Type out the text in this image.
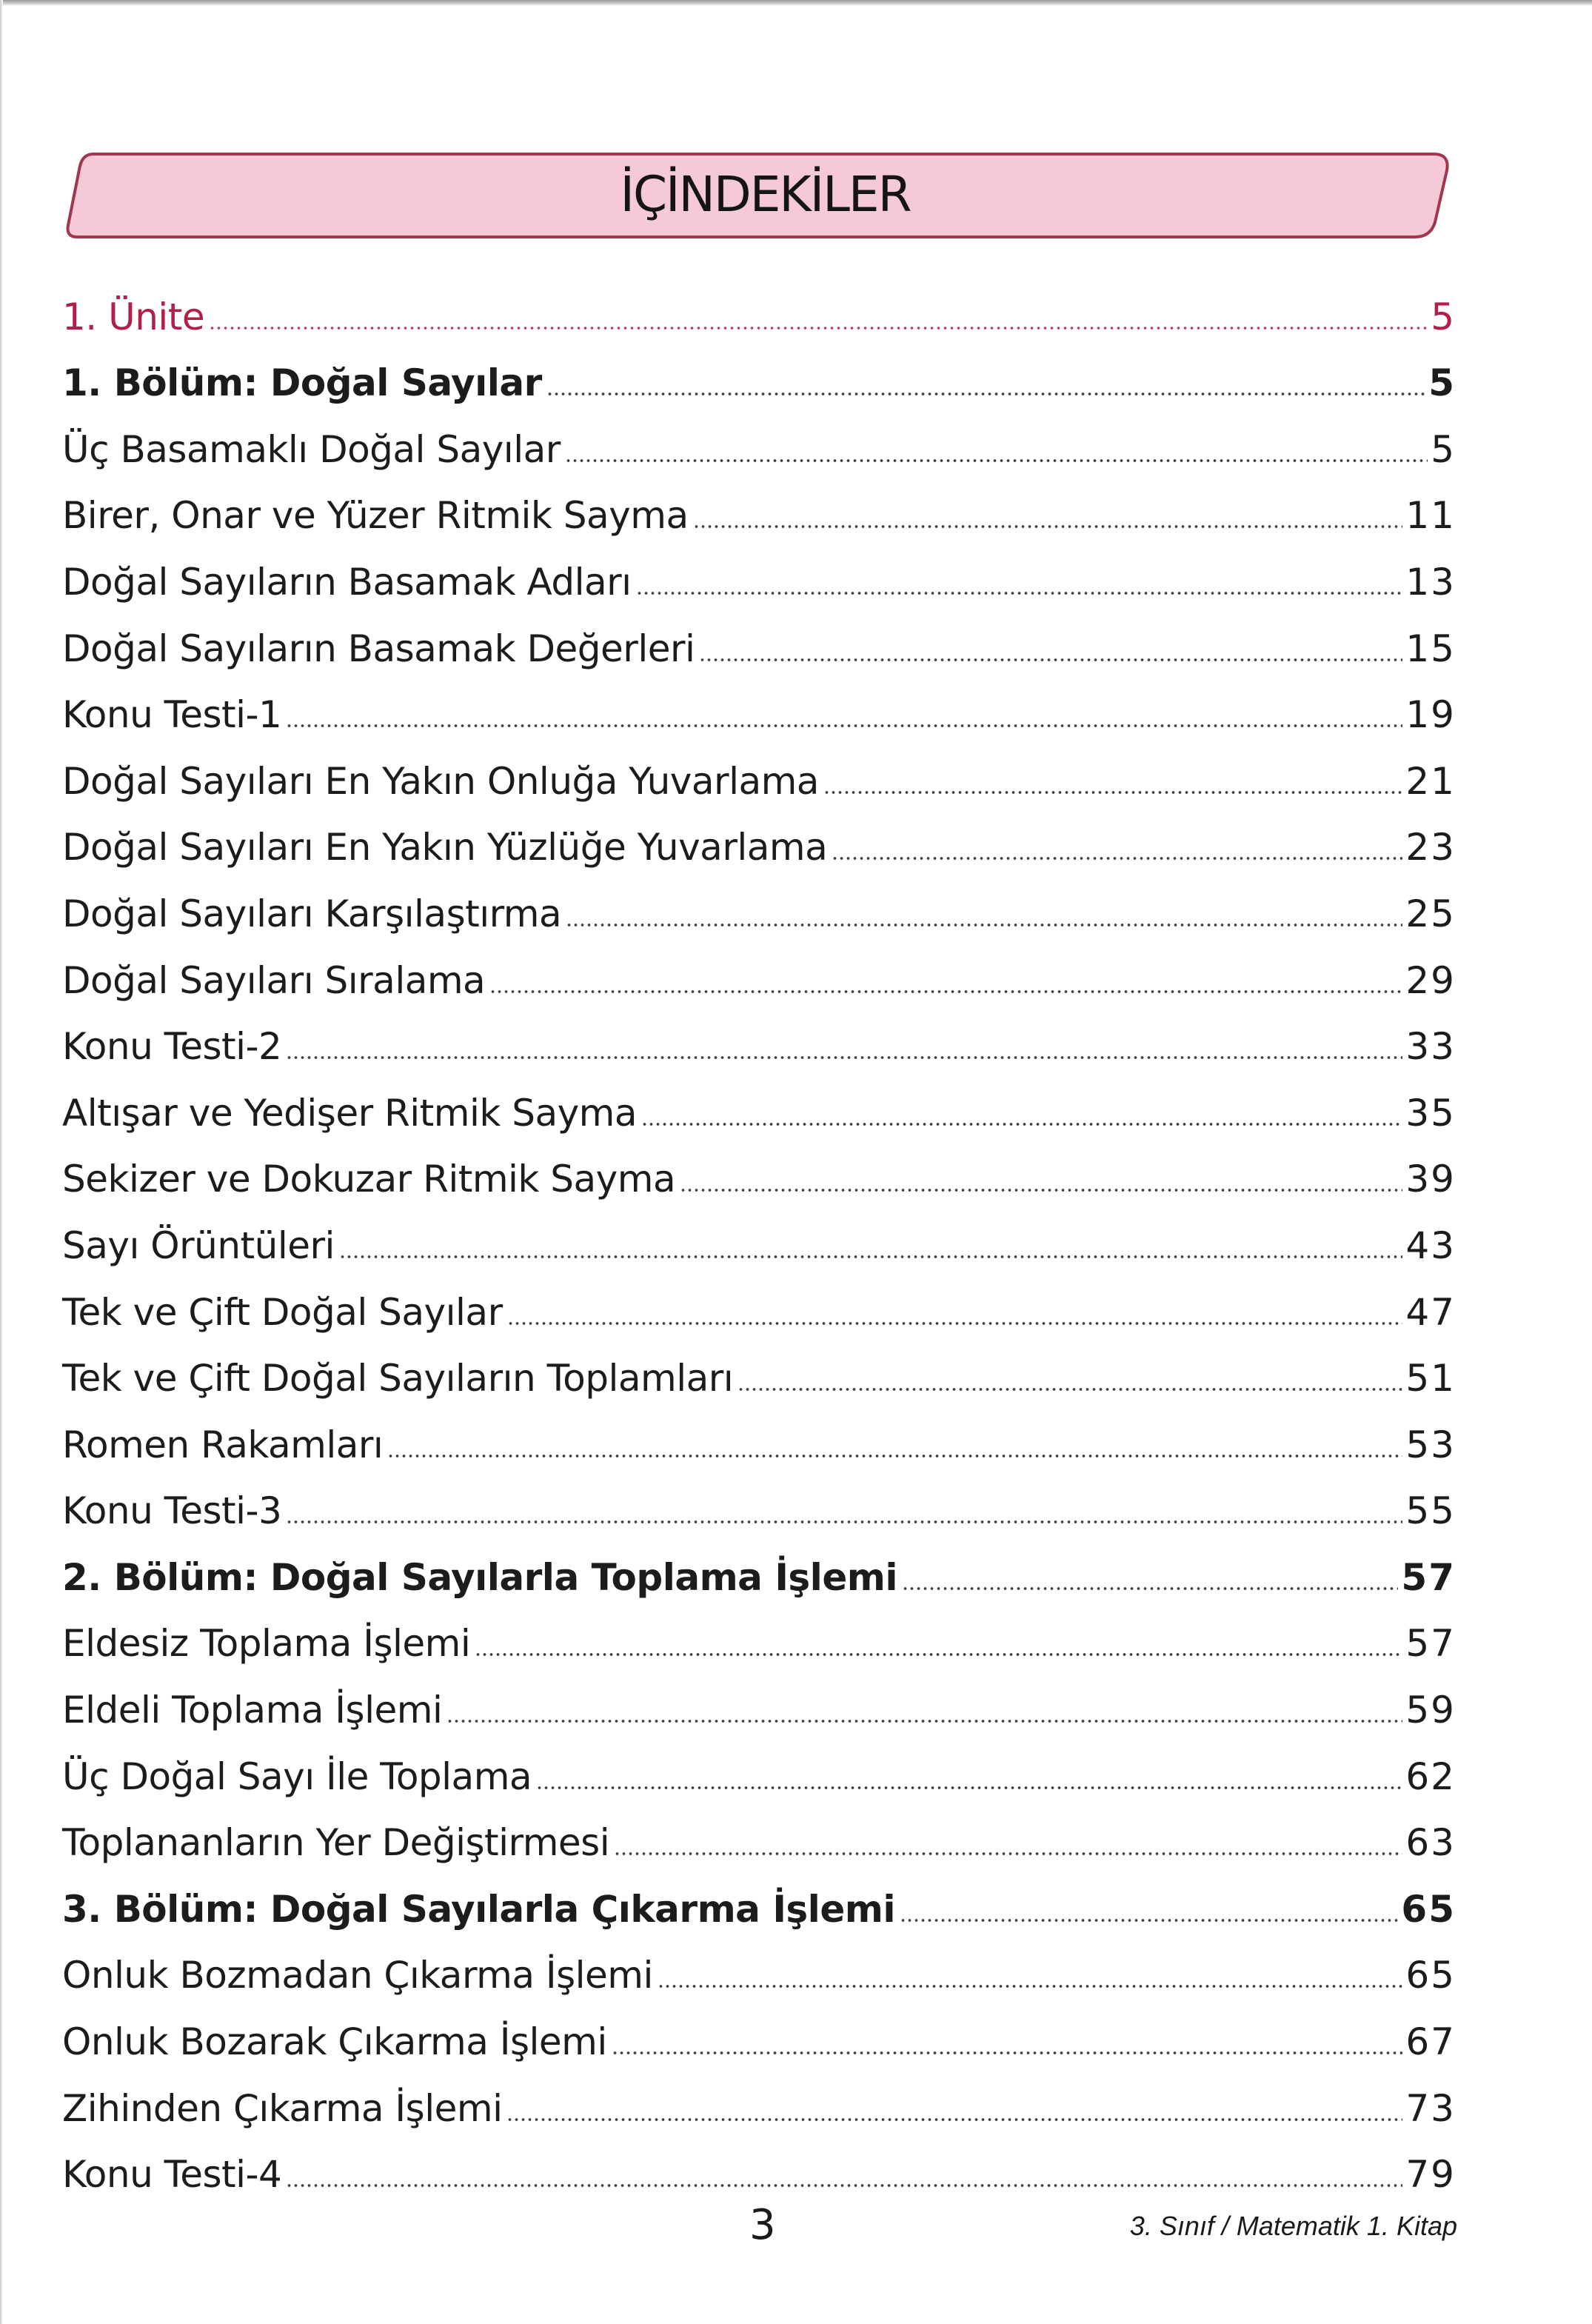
İÇİNDEKİLER
1. Ünite	5
1. Bölüm: Doğal Sayılar	5
Üç Basamaklı Doğal Sayılar	5
Birer, Onar ve Yüzer Ritmik Sayma	11
Doğal Sayıların Basamak Adları	13
Doğal Sayıların Basamak Değerleri	15
Konu Testi-1	19
Doğal Sayıları En Yakın Onluğa Yuvarlama	21
Doğal Sayıları En Yakın Yüzlüğe Yuvarlama	23
Doğal Sayıları Karşılaştırma	25
Doğal Sayıları Sıralama	29
Konu Testi-2	33
Altışar ve Yedişer Ritmik Sayma	35
Sekizer ve Dokuzar Ritmik Sayma	39
Sayı Örüntüleri	43
Tek ve Çift Doğal Sayılar	47
Tek ve Çift Doğal Sayıların Toplamları	51
Romen Rakamları	53
Konu Testi-3	55
2. Bölüm: Doğal Sayılarla Toplama İşlemi	57
Eldesiz Toplama İşlemi	57
Eldeli Toplama İşlemi	59
Üç Doğal Sayı İle Toplama	62
Toplananların Yer Değiştirmesi	63
3. Bölüm: Doğal Sayılarla Çıkarma İşlemi	65
Onluk Bozmadan Çıkarma İşlemi	65
Onluk Bozarak Çıkarma İşlemi	67
Zihinden Çıkarma İşlemi	73
Konu Testi-4	79
3	3. Sınıf / Matematik 1. Kitap
